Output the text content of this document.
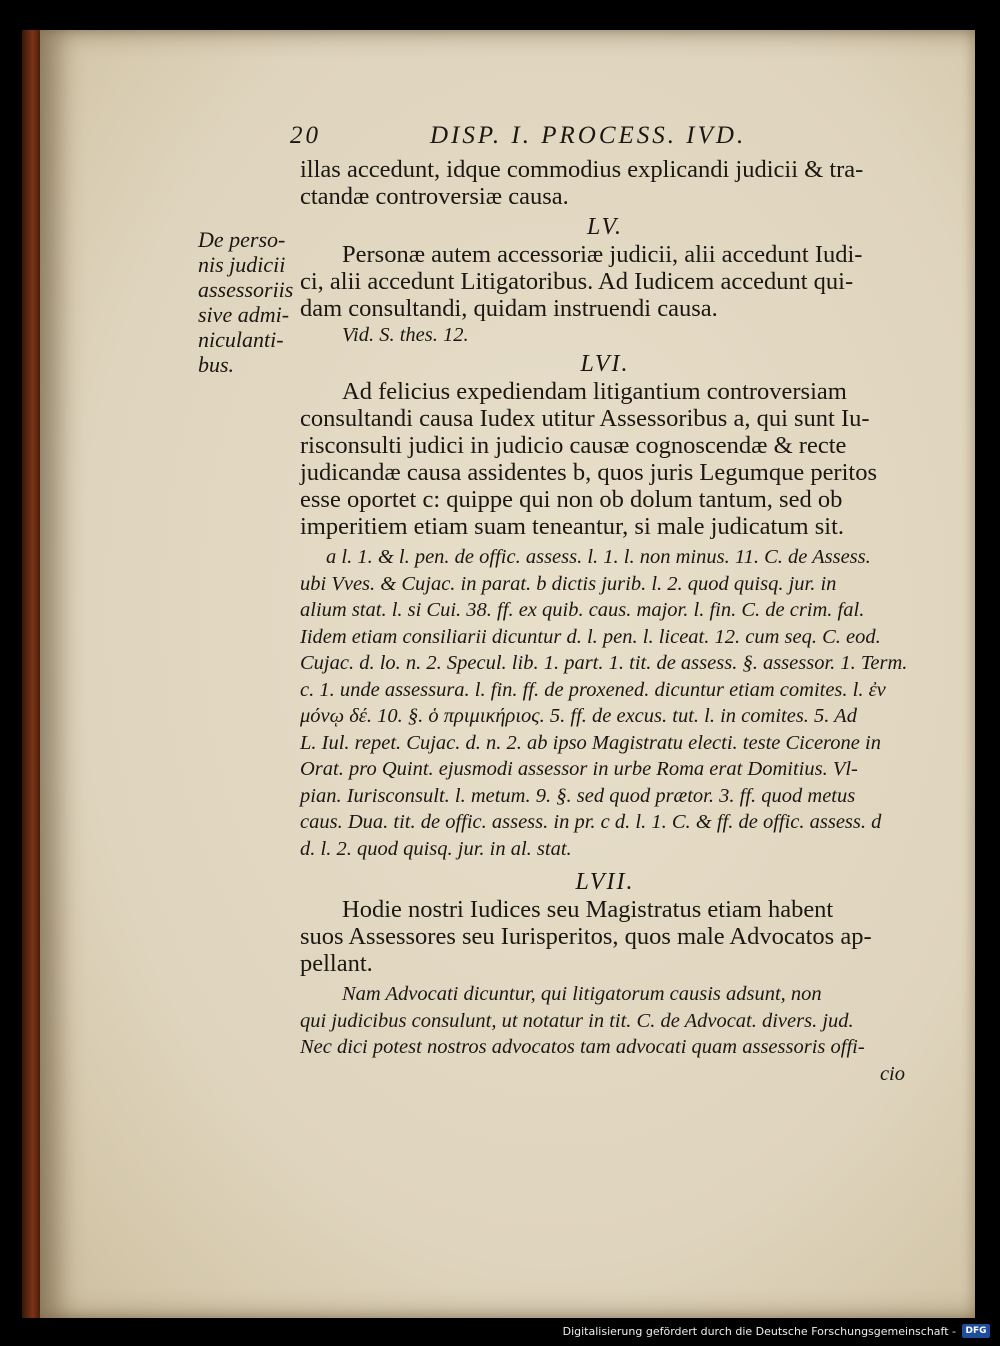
20	DISP. I. PROCESS. IVD.
De perso-
nis judicii
assessoriis
sive admi-
niculanti-
bus.

illas accedunt, idque commodius explicandi judicii & tra-

ctandæ controversiæ causa.

LV.

Personæ autem accessoriæ judicii, alii accedunt Iudi-

ci, alii accedunt Litigatoribus. Ad Iudicem accedunt qui-

dam consultandi, quidam instruendi causa.

Vid. S. thes. 12.

LVI.

Ad felicius expediendam litigantium controversiam

consultandi causa Iudex utitur Assessoribus a, qui sunt Iu-

risconsulti judici in judicio causæ cognoscendæ & recte

judicandæ causa assidentes b, quos juris Legumque peritos

esse oportet c: quippe qui non ob dolum tantum, sed ob

imperitiem etiam suam teneantur, si male judicatum sit.

a l. 1. & l. pen. de offic. assess. l. 1. l. non minus. 11. C. de Assess.

ubi Vves. & Cujac. in parat. b dictis jurib. l. 2. quod quisq. jur. in

alium stat. l. si Cui. 38. ff. ex quib. caus. major. l. fin. C. de crim. fal.

Iidem etiam consiliarii dicuntur d. l. pen. l. liceat. 12. cum seq. C. eod.

Cujac. d. lo. n. 2. Specul. lib. 1. part. 1. tit. de assess. §. assessor. 1. Term.

c. 1. unde assessura. l. fin. ff. de proxened. dicuntur etiam comites. l. ἐν

μόνῳ δέ. 10. §. ὁ πριμικήριος. 5. ff. de excus. tut. l. in comites. 5. Ad

L. Iul. repet. Cujac. d. n. 2. ab ipso Magistratu electi. teste Cicerone in

Orat. pro Quint. ejusmodi assessor in urbe Roma erat Domitius. Vl-

pian. Iurisconsult. l. metum. 9. §. sed quod prætor. 3. ff. quod metus

caus. Dua. tit. de offic. assess. in pr. c d. l. 1. C. & ff. de offic. assess. d

d. l. 2. quod quisq. jur. in al. stat.

LVII.

Hodie nostri Iudices seu Magistratus etiam habent

suos Assessores seu Iurisperitos, quos male Advocatos ap-

pellant.

Nam Advocati dicuntur, qui litigatorum causis adsunt, non

qui judicibus consulunt, ut notatur in tit. C. de Advocat. divers. jud.

Nec dici potest nostros advocatos tam advocati quam assessoris offi-

cio

Digitalisierung gefördert durch die Deutsche Forschungsgemeinschaft -	DFG
